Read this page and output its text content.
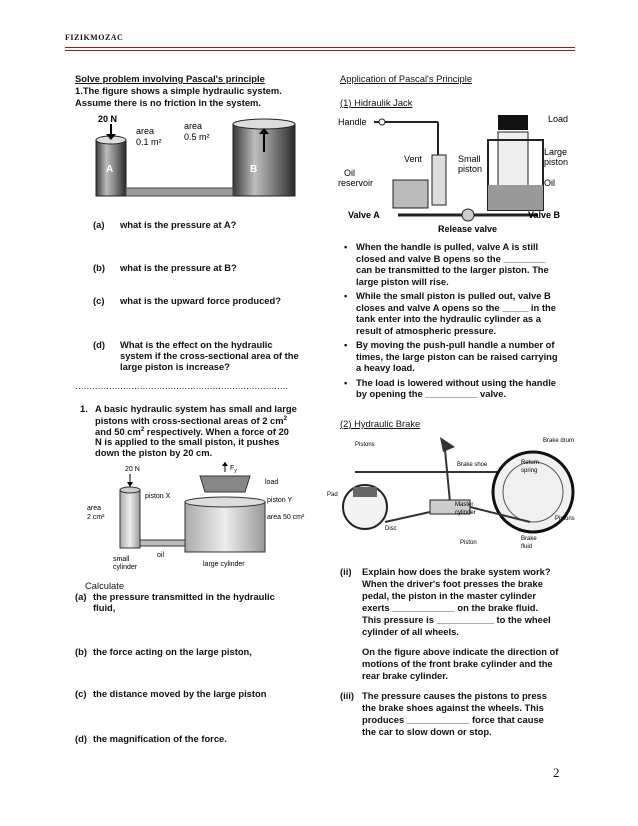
FIZIKMOZAC
Solve problem involving Pascal's principle
1.The figure shows a simple hydraulic system.
Assume there is no friction in the system.
20 N
area
0.1 m²
area
0.5 m²
A	B
(a) what is the pressure at A?
(b) what is the pressure at B?
(c) what is the upward force produced?
(d) What is the effect on the hydraulic
system if the cross-sectional area of the
large piston is increase?
………………………………………………………………….
1. A basic hydraulic system has small and large
pistons with cross-sectional areas of 2 $cm^2$
and 50 $cm^2$ respectively. When a force of 20
N is applied to the small piston, it pushes
down the piston by 20 cm.
20 N	$F_y$
load
piston X
piston Y
area
2 cm²	area 50 cm²
oil
small
cylinder	large cylinder
Calculate
(a) the pressure transmitted in the hydraulic
fluid,
(b) the force acting on the large piston,
(c) the distance moved by the large piston
(d) the magnification of the force.
Application of Pascal's Principle
(1) Hidraulik Jack
Handle	Load
Vent	Small
piston
Oil
reservoir
Large
piston
Oil
Valve A	Valve B
Release valve
• When the handle is pulled, valve A is still
closed and valve B opens so the ________
can be transmitted to the larger piston. The
large piston will rise.
• While the small piston is pulled out, valve B
closes and valve A opens so the _____ in the
tank enter into the hydraulic cylinder as a
result of atmospheric pressure.
• By moving the push-pull handle a number of
times, the large piston can be raised carrying
a heavy load.
• The load is lowered without using the handle
by opening the __________ valve.
(2) Hydraulic Brake
Pistons
Brake drum
Brake shoe	Return
spring
Pad
Master
cylinder
Disc
Piston
Pistons
Brake
fluid
(ii) Explain how does the brake system work?
When the driver's foot presses the brake
pedal, the piston in the master cylinder
exerts ____________ on the brake fluid.
This pressure is ___________ to the wheel
cylinder of all wheels.
On the figure above indicate the direction of
motions of the front brake cylinder and the
rear brake cylinder.
(iii) The pressure causes the pistons to press
the brake shoes against the wheels. This
produces ____________ force that cause
the car to slow down or stop.
2
